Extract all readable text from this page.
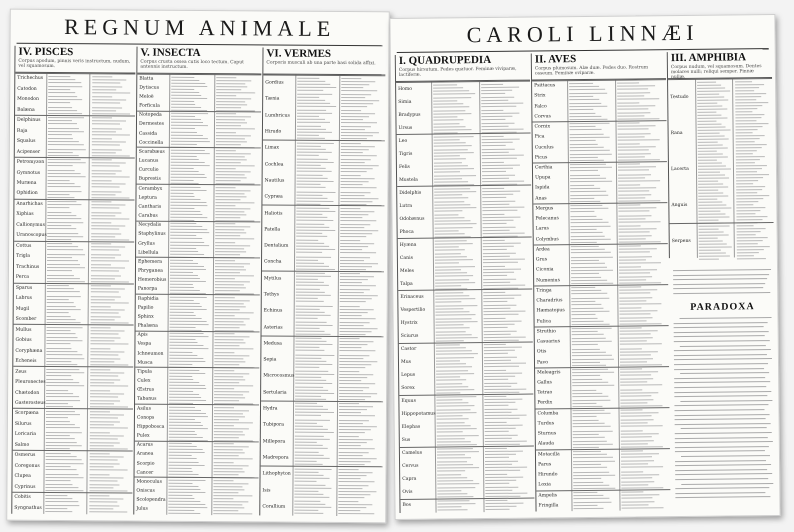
REGNUM ANIMALE
IV. PISCES
Corpus apodum, pinnis veris instructum, nudum, vel squamosum.
Trichechus
Catodon
Monodon
Balæna
Delphinus
Raja
Squalus
Acipenser
Petromyzon
Gymnotus
Muræna
Ophidion
Anarhichas
Xiphias
Callionymus
Uranoscopus
Cottus
Trigla
Trachinus
Perca
Sparus
Labrus
Mugil
Scomber
Mullus
Gobius
Coryphæna
Echeneis
Zeus
Pleuronectes
Chætodon
Gasterosteus
Scorpæna
Silurus
Loricaria
Salmo
Osmerus
Coregonus
Clupea
Cyprinus
Cobitis
Syngnathus
V. INSECTA
Corpus crusta ossea cutis loco tectum. Caput antennis instructum.
Blatta
Dytiscus
Meloë
Forficula
Notopeda
Dermestes
Cassida
Coccinella
Scarabæus
Lucanus
Curculio
Buprestis
Cerambyx
Leptura
Cantharis
Carabus
Necydalis
Staphylinus
Gryllus
Libellula
Ephemera
Phryganea
Hemerobius
Panorpa
Raphidia
Papilio
Sphinx
Phalæna
Apis
Vespa
Ichneumon
Musca
Tipula
Culex
Œstrus
Tabanus
Asilus
Conops
Hippobosca
Pulex
Acarus
Aranea
Scorpio
Cancer
Monoculus
Oniscus
Scolopendra
Julus
VI. VERMES
Corporis musculi ab una parte basi solida affixi.
Gordius
Tænia
Lumbricus
Hirudo
Limax
Cochlea
Nautilus
Cypræa
Haliotis
Patella
Dentalium
Concha
Mytilus
Tethys
Echinus
Asterias
Medusa
Sepia
Microcosmus
Sertularia
Hydra
Tubipora
Millepora
Madrepora
Lithophyton
Isis
Corallium
CAROLI LINNÆI
I. QUADRUPEDIA
Corpus hirsutum. Pedes quatuor. Feminæ viviparæ, lactiferæ.
Homo
Simia
Bradypus
Ursus
Leo
Tigris
Felis
Mustela
Didelphis
Lutra
Odobænus
Phoca
Hyæna
Canis
Meles
Talpa
Erinaceus
Vespertilio
Hystrix
Sciurus
Castor
Mus
Lepus
Sorex
Equus
Hippopotamus
Elephas
Sus
Camelus
Cervus
Capra
Ovis
Bos
II. AVES
Corpus plumosum. Alæ duæ. Pedes duo. Rostrum osseum. Feminæ oviparæ.
Psittacus
Strix
Falco
Corvus
Cornix
Pica
Cuculus
Picus
Certhia
Upupa
Ispida
Anas
Mergus
Pelecanus
Larus
Colymbus
Ardea
Grus
Ciconia
Numenius
Tringa
Charadrius
Hæmatopus
Fulica
Struthio
Casuarius
Otis
Pavo
Meleagris
Gallus
Tetrao
Perdix
Columba
Turdus
Sturnus
Alauda
Motacilla
Parus
Hirundo
Loxia
Ampelis
Fringilla
III. AMPHIBIA
Corpus nudum, vel squamosum. Dentes molares nulli; reliqui semper. Pinnæ nullæ.
Testudo
Rana
Lacerta
Anguis
Serpens
PARADOXA
